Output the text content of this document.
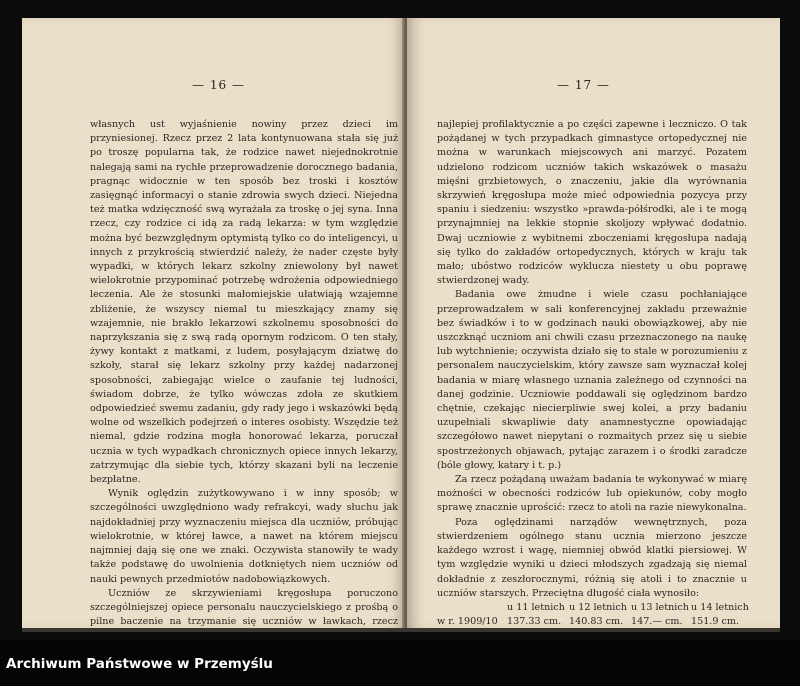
— 16 —

własnych ust wyjaśnienie nowiny przez dzieci im przyniesionej. Rzecz przez 2 lata kontynuowana stała się już po troszę popularna tak, że rodzice nawet niejednokrotnie nalegają sami na rychłe przeprowadzenie dorocznego badania, pragnąc widocznie w ten sposób bez troski i kosztów zasięgnąć informacyi o stanie zdrowia swych dzieci. Niejedna też matka wdzięczność swą wyrażała za troskę o jej syna. Inna rzecz, czy rodzice ci idą za radą lekarza: w tym względzie można być bezwzględnym optymistą tylko co do inteligencyi, u innych z przykrością stwierdzić należy, że nader częste były wypadki, w których lekarz szkolny zniewolony był nawet wielokrotnie przypominać potrzebę wdrożenia odpowiedniego leczenia. Ale że stosunki małomiejskie ułatwiają wzajemne zbliżenie, że wszyscy niemal tu mieszkający znamy się wzajemnie, nie brakło lekarzowi szkolnemu sposobności do naprzykszania się z swą radą opornym rodzicom. O ten stały, żywy kontakt z matkami, z ludem, posyłającym dziatwę do szkoły, starał się lekarz szkolny przy każdej nadarzonej sposobności, zabiegając wielce o zaufanie tej ludności, świadom dobrze, że tylko wówczas zdoła ze skutkiem odpowiedzieć swemu zadaniu, gdy rady jego i wskazówki będą wolne od wszelkich podejrzeń o interes osobisty. Wszędzie też niemal, gdzie rodzina mogła honorować lekarza, poruczał ucznia w tych wypadkach chronicznych opiece innych lekarzy, zatrzymując dla siebie tych, którzy skazani byli na leczenie bezpłatne.

Wynik oględzin zużytkowywano i w inny sposób; w szczególności uwzględniono wady refrakcyi, wady słuchu jak najdokładniej przy wyznaczeniu miejsca dla uczniów, próbując wielokrotnie, w której ławce, a nawet na którem miejscu najmniej dają się one we znaki. Oczywista stanowiły te wady także podstawę do uwolnienia dotkniętych niem uczniów od nauki pewnych przedmiotów nadobowiązkowych.

Uczniów ze skrzywieniami kręgosłupa poruczono szczególniejszej opiece personalu nauczycielskiego z prośbą o pilne baczenie na trzymanie się uczniów w ławkach, rzecz

— 17 —

najlepiej profilaktycznie a po części zapewne i leczniczo. O tak pożądanej w tych przypadkach gimnastyce ortopedycznej nie można w warunkach miejscowych ani marzyć. Pozatem udzielono rodzicom uczniów takich wskazówek o masażu mięśni grzbietowych, o znaczeniu, jakie dla wyrównania skrzywień kręgosłupa może mieć odpowiednia pozycya przy spaniu i siedzeniu: wszystko »prawda-półśrodki, ale i te mogą przynajmniej na lekkie stopnie skoljozy wpływać dodatnio. Dwaj uczniowie z wybitnemi zboczeniami kręgosłupa nadają się tylko do zakładów ortopedycznych, których w kraju tak mało; ubóstwo rodziców wyklucza niestety u obu poprawę stwierdzonej wady.

Badania owe żmudne i wiele czasu pochłaniające przeprowadzałem w sali konferencyjnej zakładu przeważnie bez świadków i to w godzinach nauki obowiązkowej, aby nie uszczknąć uczniom ani chwili czasu przeznaczonego na naukę lub wytchnienie; oczywista działo się to stale w porozumieniu z personalem nauczycielskim, który zawsze sam wyznaczał kolej badania w miarę własnego uznania zależnego od czynności na danej godzinie. Uczniowie poddawali się oględzinom bardzo chętnie, czekając niecierpliwie swej kolei, a przy badaniu uzupełniali skwapliwie daty anamnestyczne opowiadając szczegółowo nawet niepytani o rozmaitych przez się u siebie spostrzeżonych objawach, pytając zarazem i o środki zaradcze (bóle głowy, katary i t. p.)

Za rzecz pożądaną uważam badania te wykonywać w miarę możności w obecności rodziców lub opiekunów, coby mogło sprawę znacznie uprościć: rzecz to atoli na razie niewykonalna.

Poza oględzinami narządów wewnętrznych, poza stwierdzeniem ogólnego stanu ucznia mierzono jeszcze każdego wzrost i wagę, niemniej obwód klatki piersiowej. W tym względzie wyniki u dzieci młodszych zgadzają się niemal dokładnie z zeszłorocznymi, różnią się atoli i to znacznie u uczniów starszych. Przeciętna długość ciała wynosiło:

u 11 letnich u 12 letnich u 13 letnich u 14 letnich
w r. 1909/10 137.33 cm. 140.83 cm. 147.— cm. 151.9 cm.
Archiwum Państwowe w Przemyślu
